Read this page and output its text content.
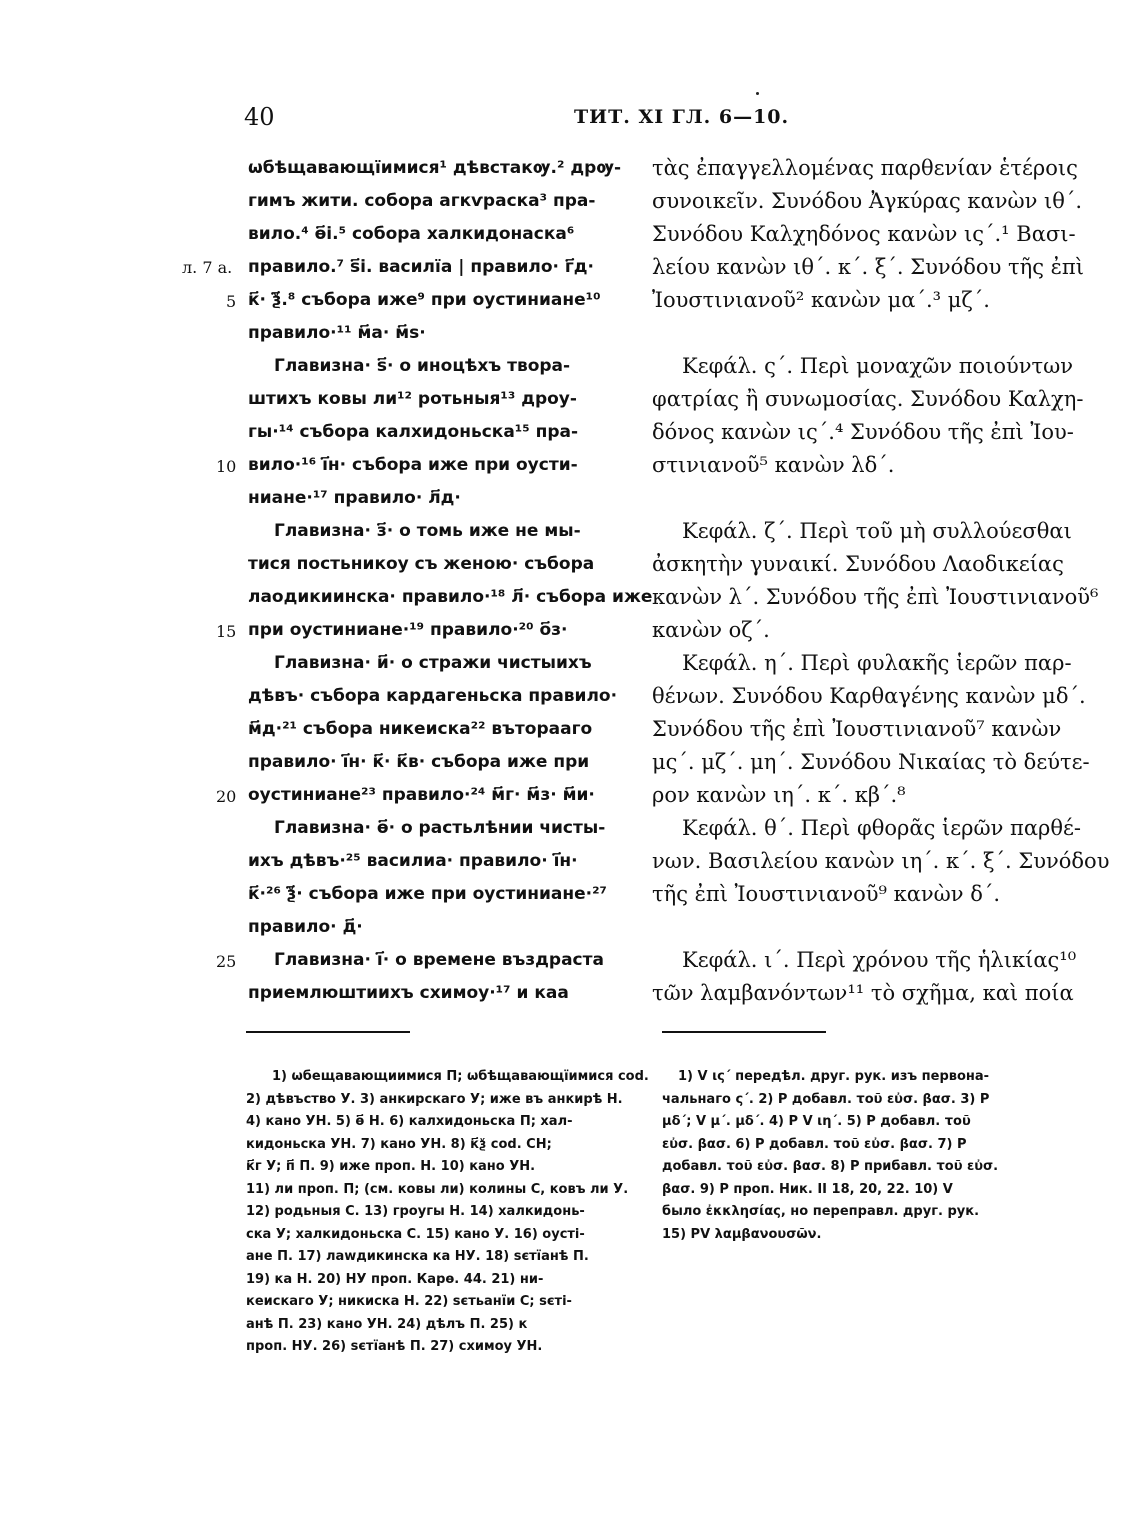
40	ТИТ. XI ГЛ. 6—10.
л. 7 а.
5
10
15
20
25
ѡбѣщавающїимися¹ дѣвстакѹ.² дрѹ-
гимъ жити. собора агкѵраска³ пра-
вило.⁴ ѳ҃і.⁵ собора халкидонаска⁶
правило.⁷ ѕ҃і. василїа | правило· г҃д·
к҃· ѯ҃.⁸ събора иже⁹ при оустиниане¹⁰
правило·¹¹ м҃а· м҃ѕ·
Главизна· ѕ҃· о иноцѣхъ твора-
штихъ ковы ли¹² ротьныя¹³ дроу-
гы·¹⁴ събора калхидоньска¹⁵ пра-
вило·¹⁶ і҃н· събора иже при оусти-
ниане·¹⁷ правило· л҃д·
Главизна· з҃· о томь иже не мы-
тися постьникоу съ женою· събора
лаодикиинска· правило·¹⁸ л҃· събора иже
при оустиниане·¹⁹ правило·²⁰ о҃з·
Главизна· и҃· о стражи чистыихъ
дѣвъ· събора кардагеньска правило·
м҃д·²¹ събора никеиска²² въторааго
правило· і҃н· к҃· к҃в· събора иже при
оустиниане²³ правило·²⁴ м҃г· м҃з· м҃и·
Главизна· ѳ҃· о растьлѣнии чисты-
ихъ дѣвъ·²⁵ василиа· правило· і҃н·
к҃·²⁶ ѯ҃· събора иже при оустиниане·²⁷
правило· д҃·
Главизна· і҃· о времене въздраста
приемлюштиихъ схимоу·¹⁷ и каа
τὰς ἐπαγγελλομένας παρθενίαν ἑτέροις
συνοικεῖν. Συνόδου Ἀγκύρας κανὼν ιθ΄.
Συνόδου Καλχηδόνος κανὼν ις΄.¹ Βασι-
λείου κανὼν ιθ΄. κ΄. ξ΄. Συνόδου τῆς ἐπὶ
Ἰουστινιανοῦ² κανὼν μα΄.³ μζ΄.
Κεφάλ. ς΄. Περὶ μοναχῶν ποιούντων
φατρίας ἢ συνωμοσίας. Συνόδου Καλχη-
δόνος κανὼν ις΄.⁴ Συνόδου τῆς ἐπὶ Ἰου-
στινιανοῦ⁵ κανὼν λδ΄.
Κεφάλ. ζ΄. Περὶ τοῦ μὴ συλλούεσθαι
ἀσκητὴν γυναικί. Συνόδου Λαοδικείας
κανὼν λ΄. Συνόδου τῆς ἐπὶ Ἰουστινιανοῦ⁶
κανὼν οζ΄.
Κεφάλ. η΄. Περὶ φυλακῆς ἱερῶν παρ-
θένων. Συνόδου Καρθαγένης κανὼν μδ΄.
Συνόδου τῆς ἐπὶ Ἰουστινιανοῦ⁷ κανὼν
μς΄. μζ΄. μη΄. Συνόδου Νικαίας τὸ δεύτε-
ρον κανὼν ιη΄. κ΄. κβ΄.⁸
Κεφάλ. θ΄. Περὶ φθορᾶς ἱερῶν παρθέ-
νων. Βασιλείου κανὼν ιη΄. κ΄. ξ΄. Συνόδου
τῆς ἐπὶ Ἰουστινιανοῦ⁹ κανὼν δ΄.
Κεφάλ. ι΄. Περὶ χρόνου τῆς ἡλικίας¹⁰
τῶν λαμβανόντων¹¹ τὸ σχῆμα, καὶ ποία
1) ѡбещавающиимися П; ѡбѣщавающїимися cod.
2) дѣвъство У. 3) анкирскаго У; иже въ анкирѣ Н.
4) кано УН. 5) ѳ҃ Н. 6) калхидоньска П; хал-
кидоньска УН. 7) кано УН. 8) к҃ѯ cod. СН;
к҃г У; п҃ П. 9) иже проп. Н. 10) кано УН.
11) ли проп. П; (см. ковы ли) колины С, ковъ ли У.
12) родьныя С. 13) гроугы Н. 14) халкидонь-
ска У; халкидоньска С. 15) кано У. 16) оусті-
ане П. 17) лаwдикинска ка НУ. 18) ѕєтїанѣ П.
19) ка Н. 20) НУ проп. Карө. 44. 21) ни-
кеискаго У; никиска Н. 22) ѕєтьанїи С; ѕєті-
анѣ П. 23) кано УН. 24) дѣлъ П. 25) к
проп. НУ. 26) ѕєтїанѣ П. 27) схимоу УН.
1) V ις΄ передѣл. друг. рук. изъ первона-
чальнаго ς΄. 2) Р добавл. τοῦ εὐσ. βασ. 3) Р
μδ΄; V μ΄. μδ΄. 4) Р V ιη΄. 5) Р добавл. τοῦ
εὐσ. βασ. 6) Р добавл. τοῦ εὐσ. βασ. 7) Р
добавл. τοῦ εὐσ. βασ. 8) Р прибавл. τοῦ εὐσ.
βασ. 9) Р проп. Ник. II 18, 20, 22. 10) V
было ἐκκλησίας, но переправл. друг. рук.
15) PV λαμβανουσῶν.
